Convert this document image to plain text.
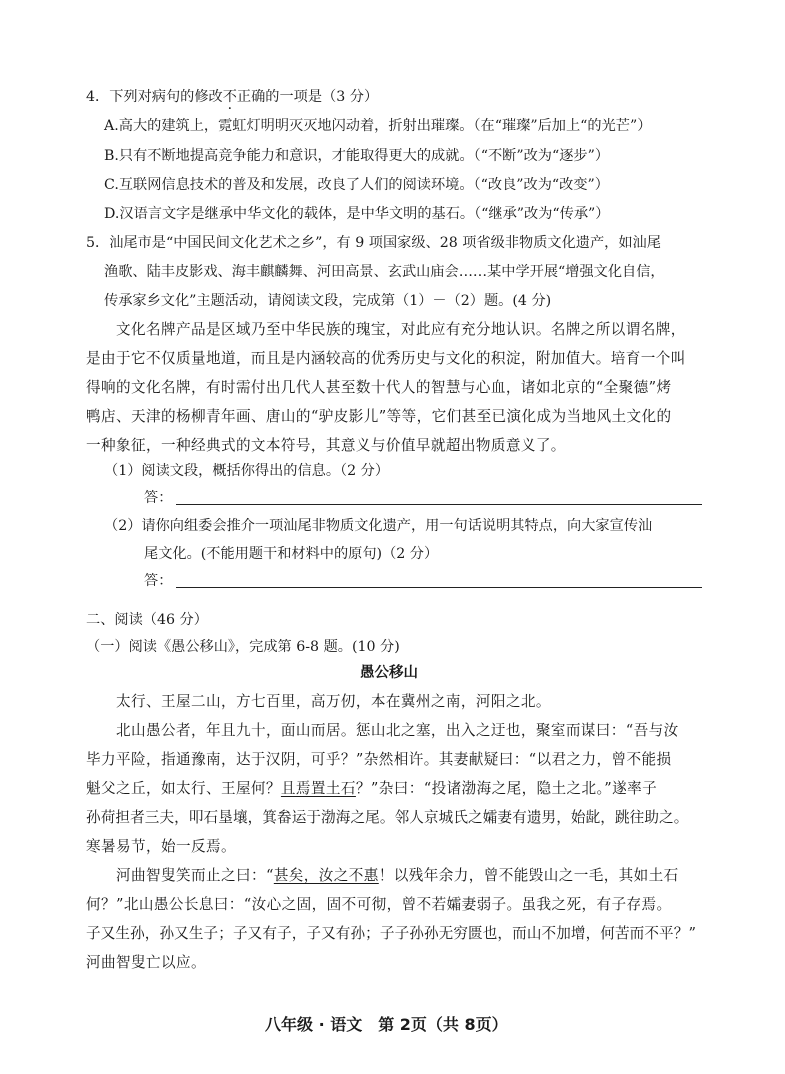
4．下列对病句的修改不正确的一项是（3 分）
A.高大的建筑上，霓虹灯明明灭灭地闪动着，折射出璀璨。（在“璀璨”后加上“的光芒”）
B.只有不断地提高竞争能力和意识，才能取得更大的成就。（“不断”改为“逐步”）
C.互联网信息技术的普及和发展，改良了人们的阅读环境。（“改良”改为“改变”）
D.汉语言文字是继承中华文化的载体，是中华文明的基石。（“继承”改为“传承”）
5．汕尾市是“中国民间文化艺术之乡”，有 9 项国家级、28 项省级非物质文化遗产，如汕尾
渔歌、陆丰皮影戏、海丰麒麟舞、河田高景、玄武山庙会……某中学开展“增强文化自信，
传承家乡文化”主题活动，请阅读文段，完成第（1）－（2）题。(4 分)
文化名牌产品是区域乃至中华民族的瑰宝，对此应有充分地认识。名牌之所以谓名牌，
是由于它不仅质量地道，而且是内涵较高的优秀历史与文化的积淀，附加值大。培育一个叫
得响的文化名牌，有时需付出几代人甚至数十代人的智慧与心血，诸如北京的“全聚德”烤
鸭店、天津的杨柳青年画、唐山的“驴皮影儿”等等，它们甚至已演化成为当地风土文化的
一种象征，一种经典式的文本符号，其意义与价值早就超出物质意义了。
（1）阅读文段，概括你得出的信息。（2 分）
答：
（2）请你向组委会推介一项汕尾非物质文化遗产，用一句话说明其特点，向大家宣传汕
尾文化。(不能用题干和材料中的原句)（2 分）
答：
二、阅读（46 分）
（一）阅读《愚公移山》，完成第 6-8 题。(10 分)
愚公移山
太行、王屋二山，方七百里，高万仞，本在冀州之南，河阳之北。
北山愚公者，年且九十，面山而居。惩山北之塞，出入之迂也，聚室而谋曰：“吾与汝
毕力平险，指通豫南，达于汉阴，可乎？”杂然相许。其妻献疑曰：“以君之力，曾不能损
魁父之丘，如太行、王屋何？且焉置土石？”杂曰：“投诸渤海之尾，隐土之北。”遂率子
孙荷担者三夫，叩石垦壤，箕畚运于渤海之尾。邻人京城氏之孀妻有遗男，始龀，跳往助之。
寒暑易节，始一反焉。
河曲智叟笑而止之曰：“甚矣，汝之不惠！以残年余力，曾不能毁山之一毛，其如土石
何？”北山愚公长息曰：“汝心之固，固不可彻，曾不若孀妻弱子。虽我之死，有子存焉。
子又生孙，孙又生子；子又有子，子又有孙；子子孙孙无穷匮也，而山不加增，何苦而不平？”
河曲智叟亡以应。
八年级 · 语文　第 2页（共 8页）
